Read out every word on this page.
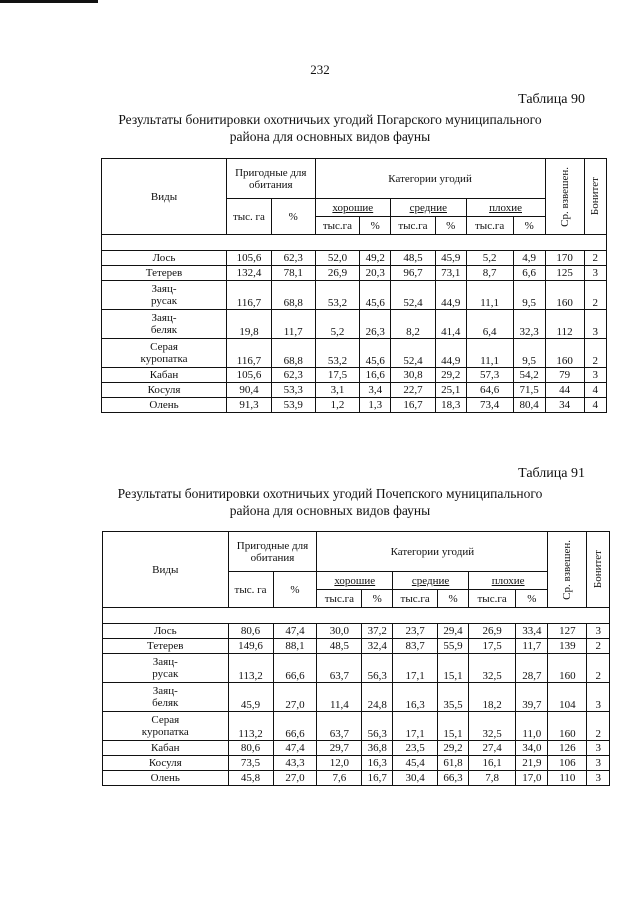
232
Таблица 90
Результаты бонитировки охотничьих угодий Погарского муниципального
района для основных видов фауны
Виды	Пригодные для обитания		Категории угодий						Ср. взвешен.	Бонитет

	тыс. га	%	хорошие		средние		плохие			
			тыс.га	%	тыс.га	%	тыс.га	%		

Лось	105,6	62,3	52,0	49,2	48,5	45,9	5,2	4,9	170	2

Тетерев	132,4	78,1	26,9	20,3	96,7	73,1	8,7	6,6	125	3

Заяц-
русак	116,7	68,8	53,2	45,6	52,4	44,9	11,1	9,5	160	2

Заяц-
беляк	19,8	11,7	5,2	26,3	8,2	41,4	6,4	32,3	112	3

Серая
куропатка	116,7	68,8	53,2	45,6	52,4	44,9	11,1	9,5	160	2

Кабан	105,6	62,3	17,5	16,6	30,8	29,2	57,3	54,2	79	3

Косуля	90,4	53,3	3,1	3,4	22,7	25,1	64,6	71,5	44	4

Олень	91,3	53,9	1,2	1,3	16,7	18,3	73,4	80,4	34	4
Таблица 91
Результаты бонитировки охотничьих угодий Почепского муниципального
района для основных видов фауны
Виды	Пригодные для обитания		Категории угодий						Ср. взвешен.	Бонитет

	тыс. га	%	хорошие		средние		плохие			
			тыс.га	%	тыс.га	%	тыс.га	%		

Лось	80,6	47,4	30,0	37,2	23,7	29,4	26,9	33,4	127	3

Тетерев	149,6	88,1	48,5	32,4	83,7	55,9	17,5	11,7	139	2

Заяц-
русак	113,2	66,6	63,7	56,3	17,1	15,1	32,5	28,7	160	2

Заяц-
беляк	45,9	27,0	11,4	24,8	16,3	35,5	18,2	39,7	104	3

Серая
куропатка	113,2	66,6	63,7	56,3	17,1	15,1	32,5	11,0	160	2

Кабан	80,6	47,4	29,7	36,8	23,5	29,2	27,4	34,0	126	3

Косуля	73,5	43,3	12,0	16,3	45,4	61,8	16,1	21,9	106	3

Олень	45,8	27,0	7,6	16,7	30,4	66,3	7,8	17,0	110	3
